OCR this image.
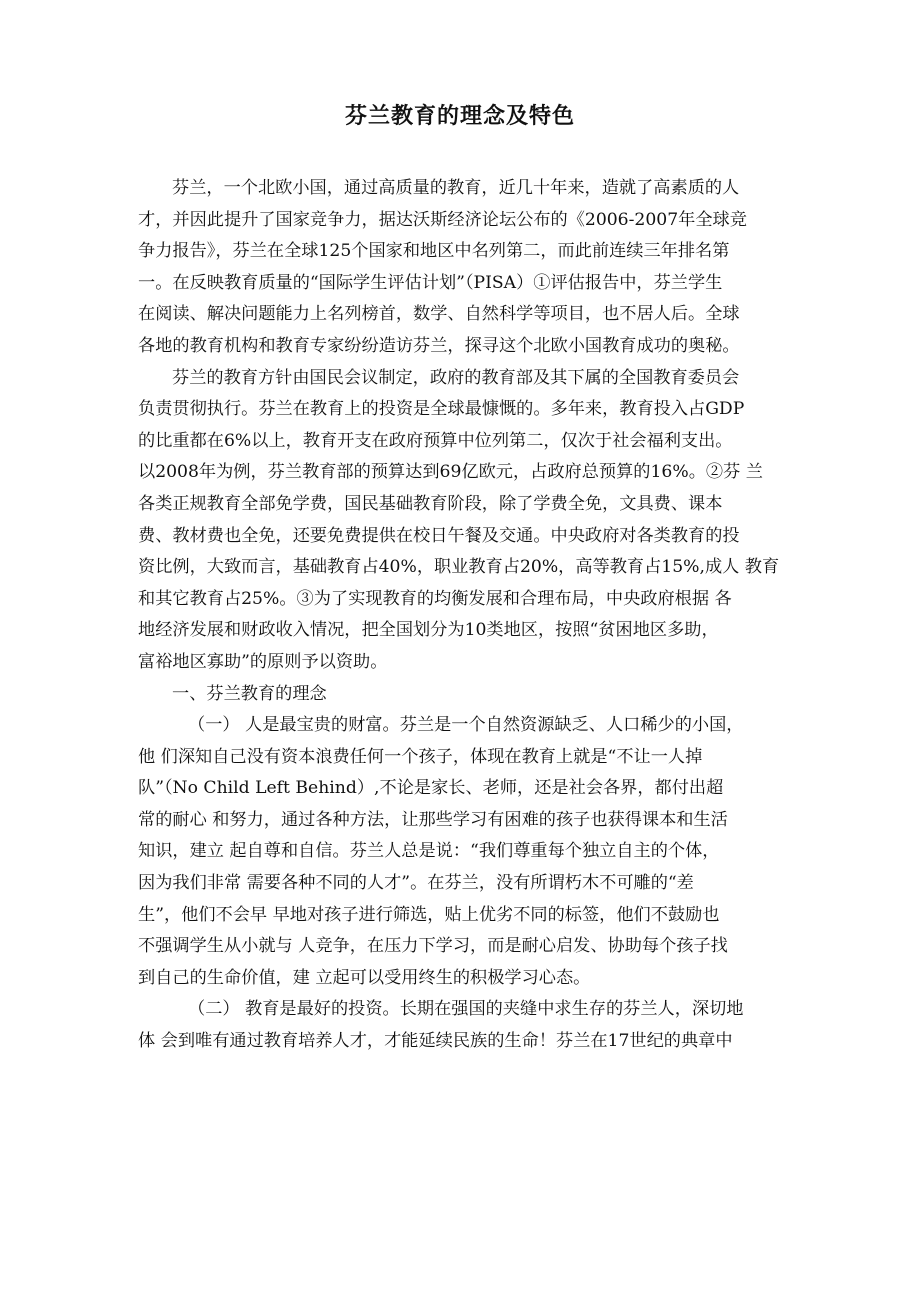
芬兰教育的理念及特色
芬兰，一个北欧小国，通过高质量的教育，近几十年来，造就了高素质的人
才，并因此提升了国家竞争力，据达沃斯经济论坛公布的《2006-2007年全球竞
争力报告》，芬兰在全球125个国家和地区中名列第二，而此前连续三年排名第
一。在反映教育质量的“国际学生评估计划”（PISA）①评估报告中，芬兰学生
在阅读、解决问题能力上名列榜首，数学、自然科学等项目，也不居人后。全球
各地的教育机构和教育专家纷纷造访芬兰，探寻这个北欧小国教育成功的奥秘。
芬兰的教育方针由国民会议制定，政府的教育部及其下属的全国教育委员会
负责贯彻执行。芬兰在教育上的投资是全球最慷慨的。多年来，教育投入占GDP
的比重都在6%以上，教育开支在政府预算中位列第二，仅次于社会福利支出。
以2008年为例，芬兰教育部的预算达到69亿欧元，占政府总预算的16%。②芬 兰
各类正规教育全部免学费，国民基础教育阶段，除了学费全免，文具费、课本
费、教材费也全免，还要免费提供在校日午餐及交通。中央政府对各类教育的投
资比例，大致而言，基础教育占40%，职业教育占20%，高等教育占15%,成人 教育
和其它教育占25%。③为了实现教育的均衡发展和合理布局，中央政府根据 各
地经济发展和财政收入情况，把全国划分为10类地区，按照“贫困地区多助，
富裕地区寡助”的原则予以资助。
一、芬兰教育的理念
（一） 人是最宝贵的财富。芬兰是一个自然资源缺乏、人口稀少的小国，
他 们深知自己没有资本浪费任何一个孩子，体现在教育上就是“不让一人掉
队”（No Child Left Behind）,不论是家长、老师，还是社会各界，都付出超
常的耐心 和努力，通过各种方法，让那些学习有困难的孩子也获得课本和生活
知识，建立 起自尊和自信。芬兰人总是说：“我们尊重每个独立自主的个体，
因为我们非常 需要各种不同的人才”。在芬兰，没有所谓朽木不可雕的“差
生”，他们不会早 早地对孩子进行筛选，贴上优劣不同的标签，他们不鼓励也
不强调学生从小就与 人竞争，在压力下学习，而是耐心启发、协助每个孩子找
到自己的生命价值，建 立起可以受用终生的积极学习心态。
（二） 教育是最好的投资。长期在强国的夹缝中求生存的芬兰人，深切地
体 会到唯有通过教育培养人才，才能延续民族的生命！芬兰在17世纪的典章中
